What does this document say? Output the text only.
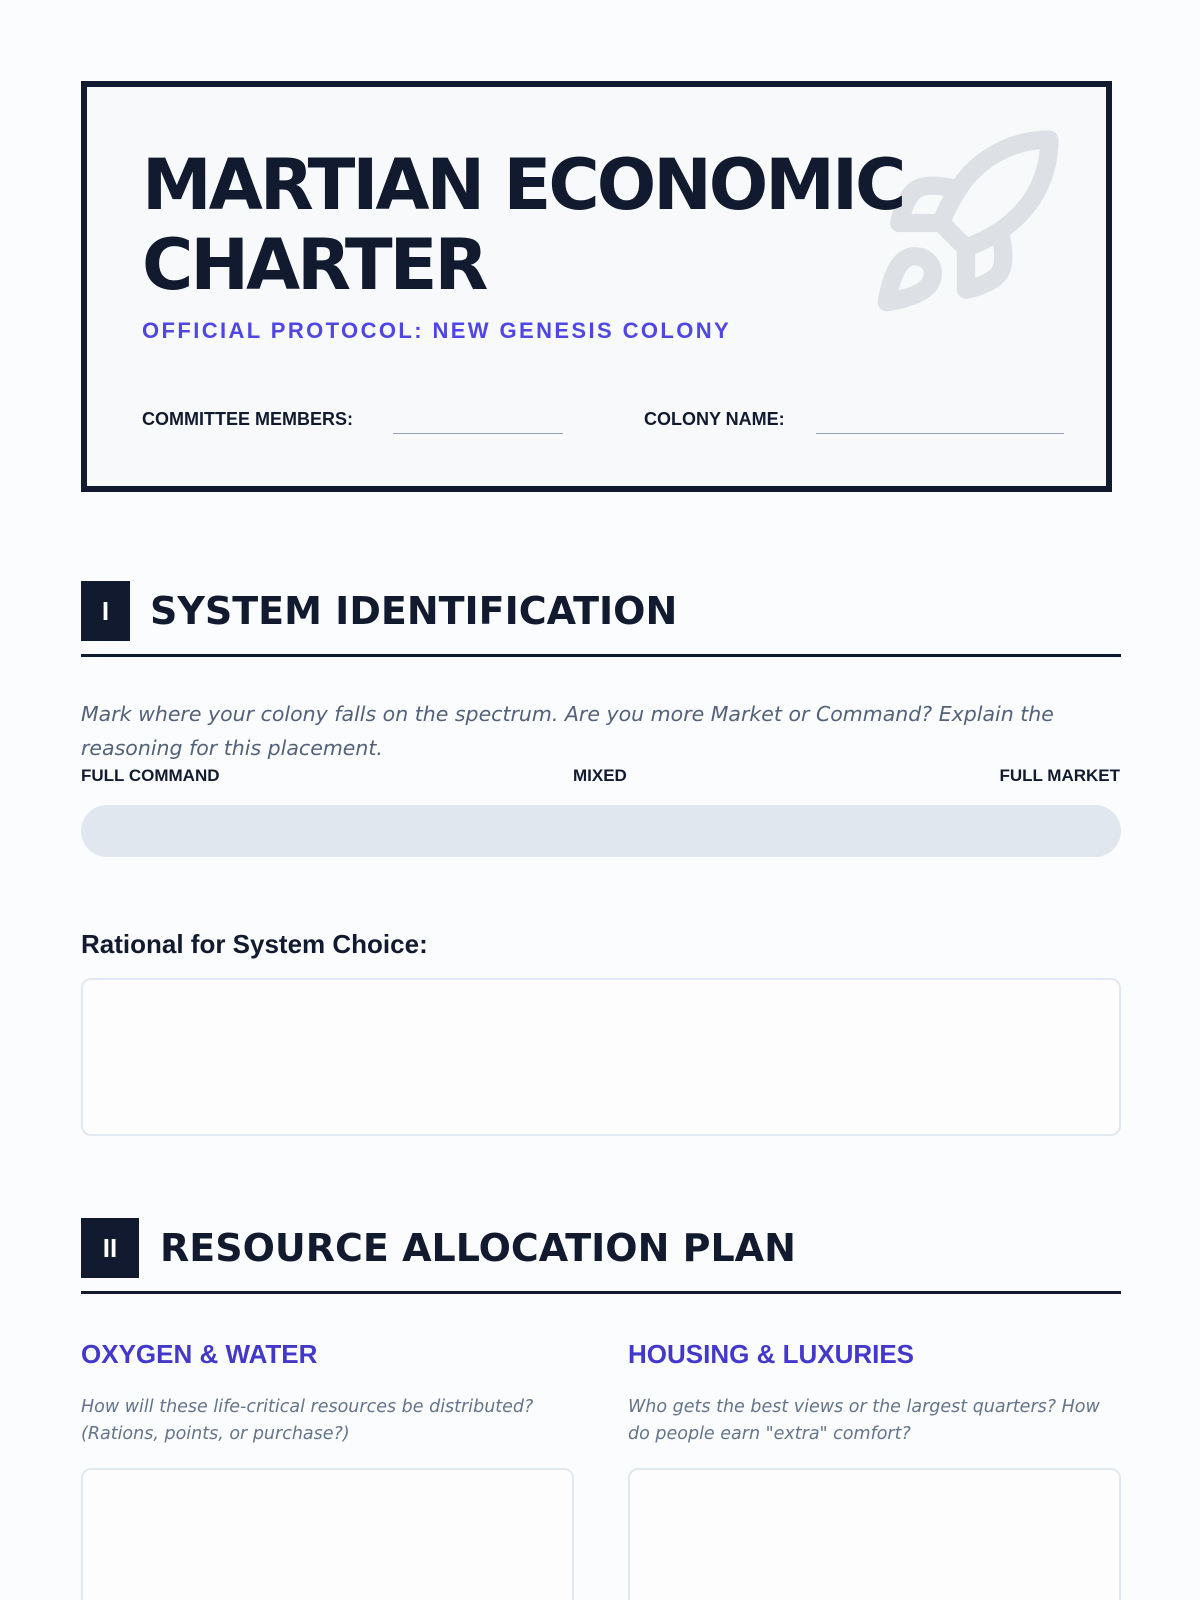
MARTIAN ECONOMIC CHARTER

OFFICIAL PROTOCOL: NEW GENESIS COLONY

COMMITTEE MEMBERS:	COLONY NAME:
I	SYSTEM IDENTIFICATION

Mark where your colony falls on the spectrum. Are you more Market or Command? Explain the reasoning for this placement.

FULL COMMAND	MIXED	FULL MARKET

Rational for System Choice:

II	RESOURCE ALLOCATION PLAN
OXYGEN & WATER

How will these life-critical resources be distributed? (Rations, points, or purchase?)

HOUSING & LUXURIES

Who gets the best views or the largest quarters? How do people earn "extra" comfort?
